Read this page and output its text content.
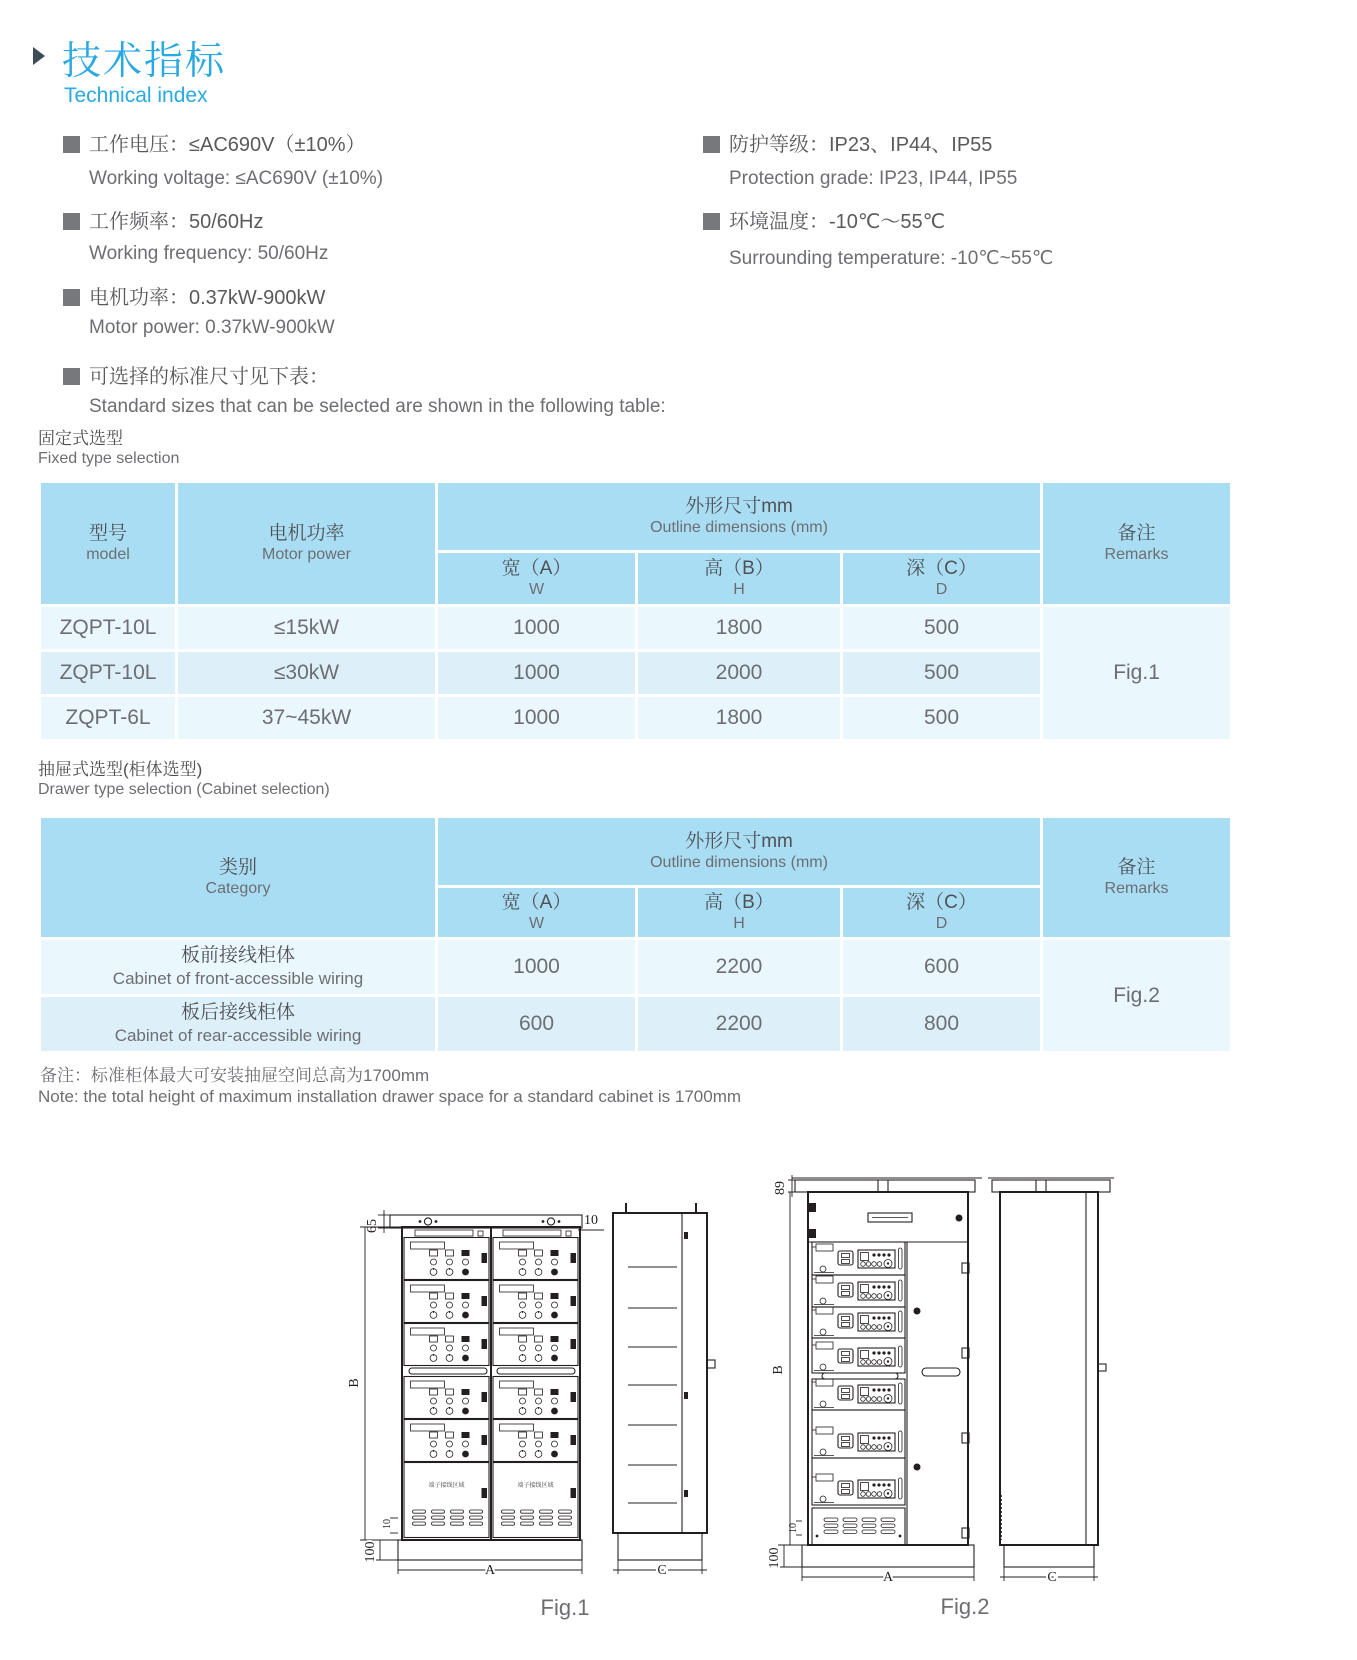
技术指标
Technical index
工作电压：≤AC690V（±10%）
Working voltage: ≤AC690V (±10%)
工作频率：50/60Hz
Working frequency: 50/60Hz
电机功率：0.37kW-900kW
Motor power: 0.37kW-900kW
防护等级：IP23、IP44、IP55
Protection grade: IP23, IP44, IP55
环境温度：-10℃～55℃
Surrounding temperature: -10℃~55℃
可选择的标准尺寸见下表：
Standard sizes that can be selected are shown in the following table:
固定式选型
Fixed type selection
型号
model

电机功率
Motor power

外形尺寸mm
Outline dimensions (mm)	备注
Remarks

宽（A）
W

高（B）
H

深（C）
D

ZQPT-10L	≤15kW	1000	1800	500	Fig.1
ZQPT-10L	≤30kW	1000	2000	500	
ZQPT-6L	37~45kW	1000	1800	500	
抽屉式选型(柜体选型)
Drawer type selection (Cabinet selection)
类别
Category

外形尺寸mm
Outline dimensions (mm)	备注
Remarks

宽（A）
W

高（B）
H

深（C）
D

板前接线柜体
Cabinet of front-accessible wiring	1000	2200	600	Fig.2

板后接线柜体
Cabinet of rear-accessible wiring	600	2200	800	
备注：标准柜体最大可安装抽屉空间总高为1700mm
Note: the total height of maximum installation drawer space for a standard cabinet is 1700mm
端子接线区域
65	10
B
10
100
A	C
Fig.1
89
B
10
100
A	C
Fig.2
